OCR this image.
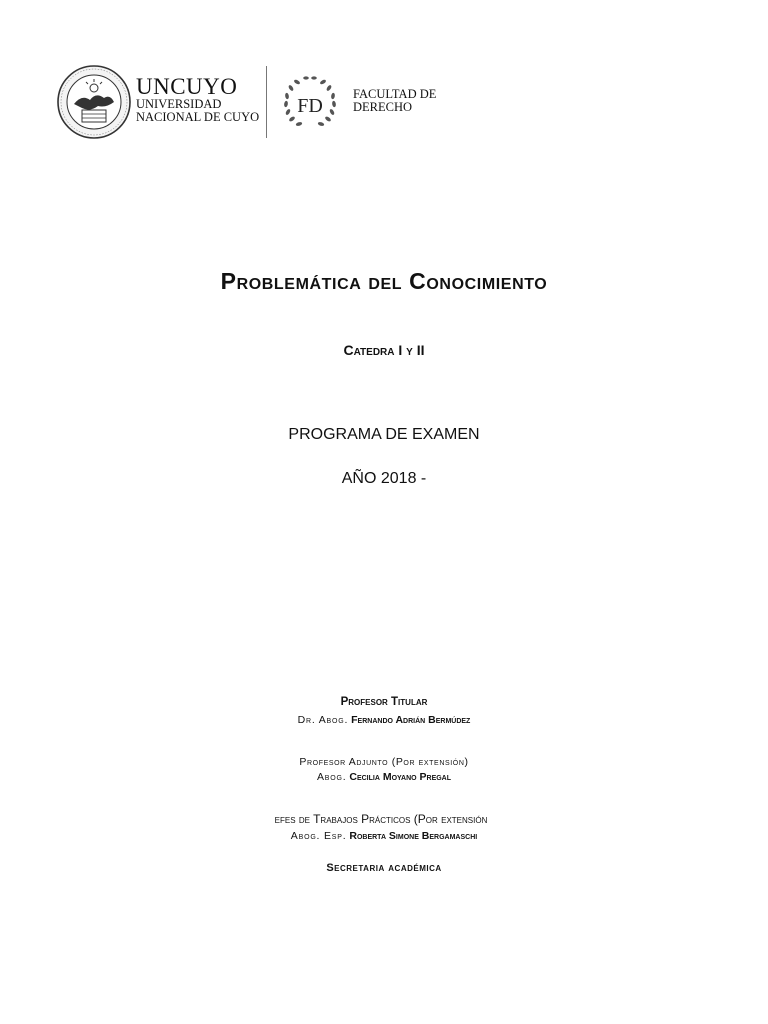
UNCUYO
UNIVERSIDAD
NACIONAL DE CUYO FD
FACULTAD DE
DERECHO
Problemática del Conocimiento
Catedra I y II
PROGRAMA DE EXAMEN
AÑO 2018 -
Profesor Titular
Dr. Abog. Fernando Adrián Bermúdez
Profesor Adjunto (Por extensión)
Abog. Cecilia Moyano Pregal
efes de Trabajos Prácticos (Por extensión
Abog. Esp. Roberta Simone Bergamaschi
Secretaria académica
